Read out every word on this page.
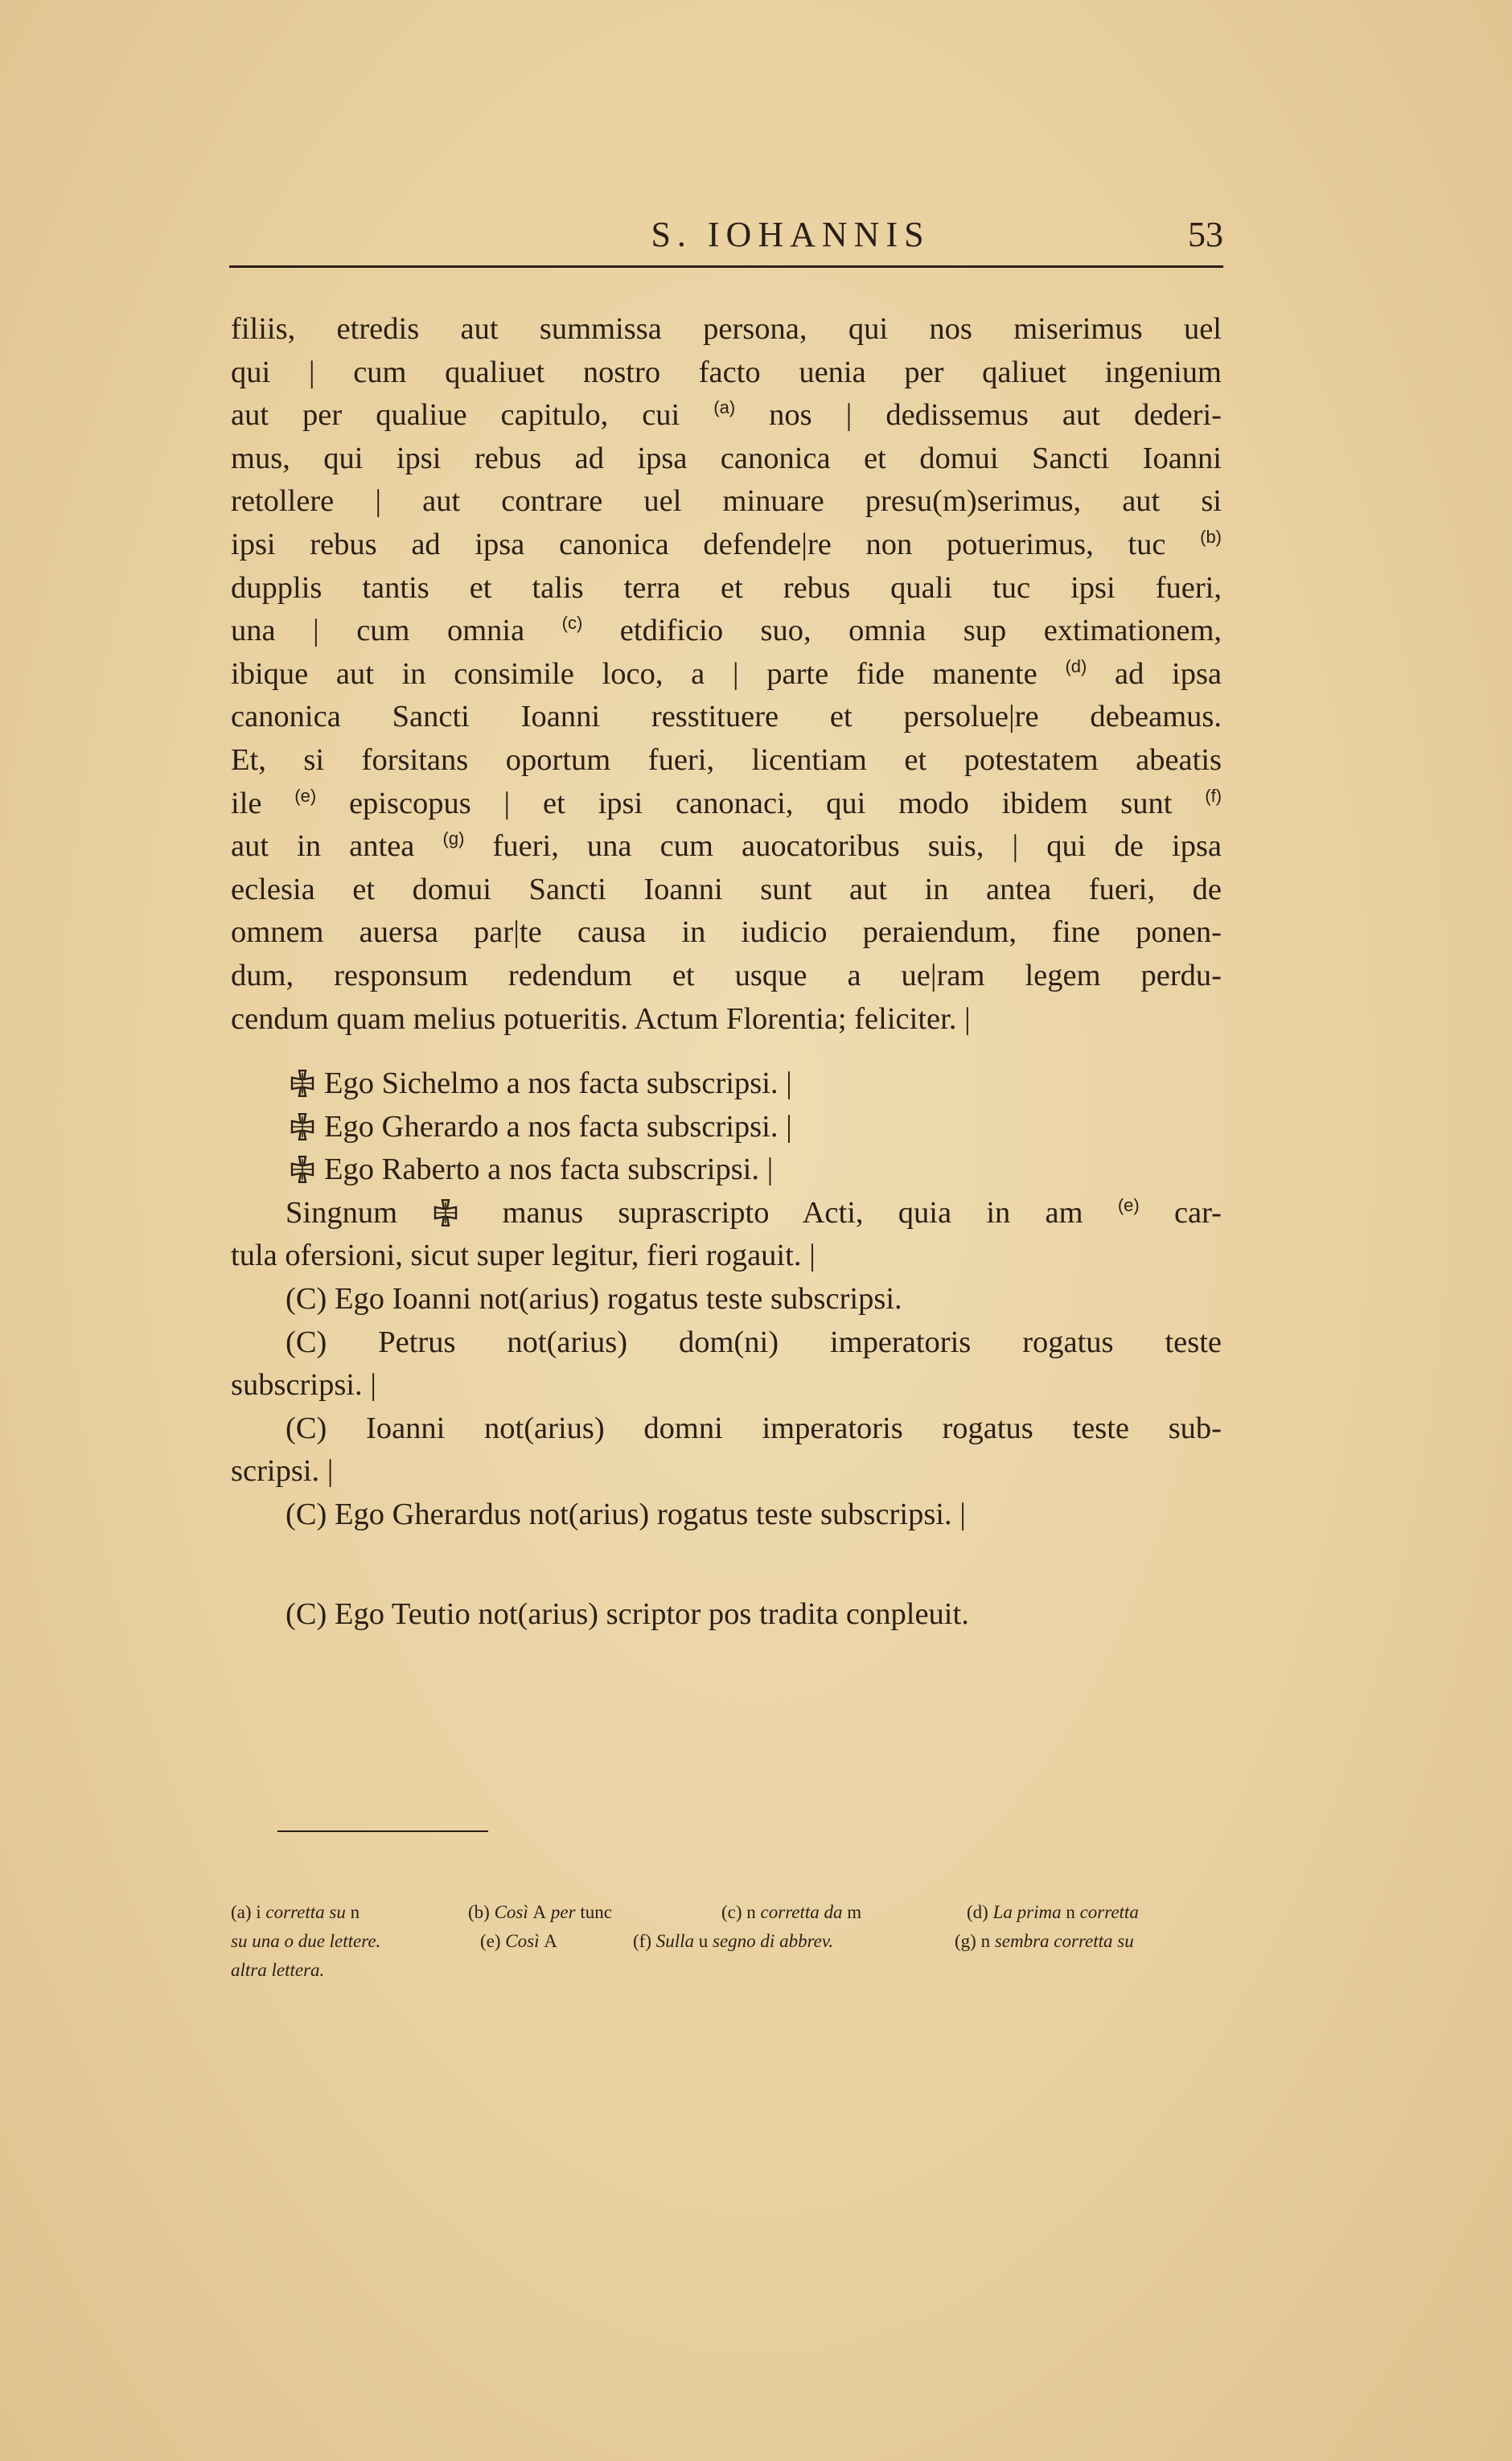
S. IOHANNIS	53
filiis, etredis aut summissa persona, qui nos miserimus uel
qui | cum qualiuet nostro facto uenia per qaliuet ingenium
aut per qualiue capitulo, cui $^{(a)}$ nos | dedissemus aut dederi-
mus, qui ipsi rebus ad ipsa canonica et domui Sancti Ioanni
retollere | aut contrare uel minuare presu(m)serimus, aut si
ipsi rebus ad ipsa canonica defende|re non potuerimus, tuc $^{(b)}$
dupplis tantis et talis terra et rebus quali tuc ipsi fueri,
una | cum omnia $^{(c)}$ etdificio suo, omnia sup extimationem,
ibique aut in consimile loco, a | parte fide manente $^{(d)}$ ad ipsa
canonica Sancti Ioanni resstituere et persolue|re debeamus.
Et, si forsitans oportum fueri, licentiam et potestatem abeatis
ile $^{(e)}$ episcopus | et ipsi canonaci, qui modo ibidem sunt $^{(f)}$
aut in antea $^{(g)}$ fueri, una cum auocatoribus suis, | qui de ipsa
eclesia et domui Sancti Ioanni sunt aut in antea fueri, de
omnem auersa par|te causa in iudicio peraiendum, fine ponen-
dum, responsum redendum et usque a ue|ram legem perdu-
cendum quam melius potueritis. Actum Florentia; feliciter. |
Ego Sichelmo a nos facta subscripsi. |
Ego Gherardo a nos facta subscripsi. |
Ego Raberto a nos facta subscripsi. |
Singnum	manus suprascripto Acti, quia in am $^{(e)}$ car-
tula ofersioni, sicut super legitur, fieri rogauit. |
(C) Ego Ioanni not(arius) rogatus teste subscripsi.
(C) Petrus not(arius) dom(ni) imperatoris rogatus teste
subscripsi. |
(C) Ioanni not(arius) domni imperatoris rogatus teste sub-
scripsi. |
(C) Ego Gherardus not(arius) rogatus teste subscripsi. |
(C) Ego Teutio not(arius) scriptor pos tradita conpleuit.
(a) i corretta su n	(b) Così A per tunc	(c) n corretta da m	(d) La prima n corretta
su una o due lettere.	(e) Così A	(f) Sulla u segno di abbrev.	(g) n sembra corretta su
altra lettera.
